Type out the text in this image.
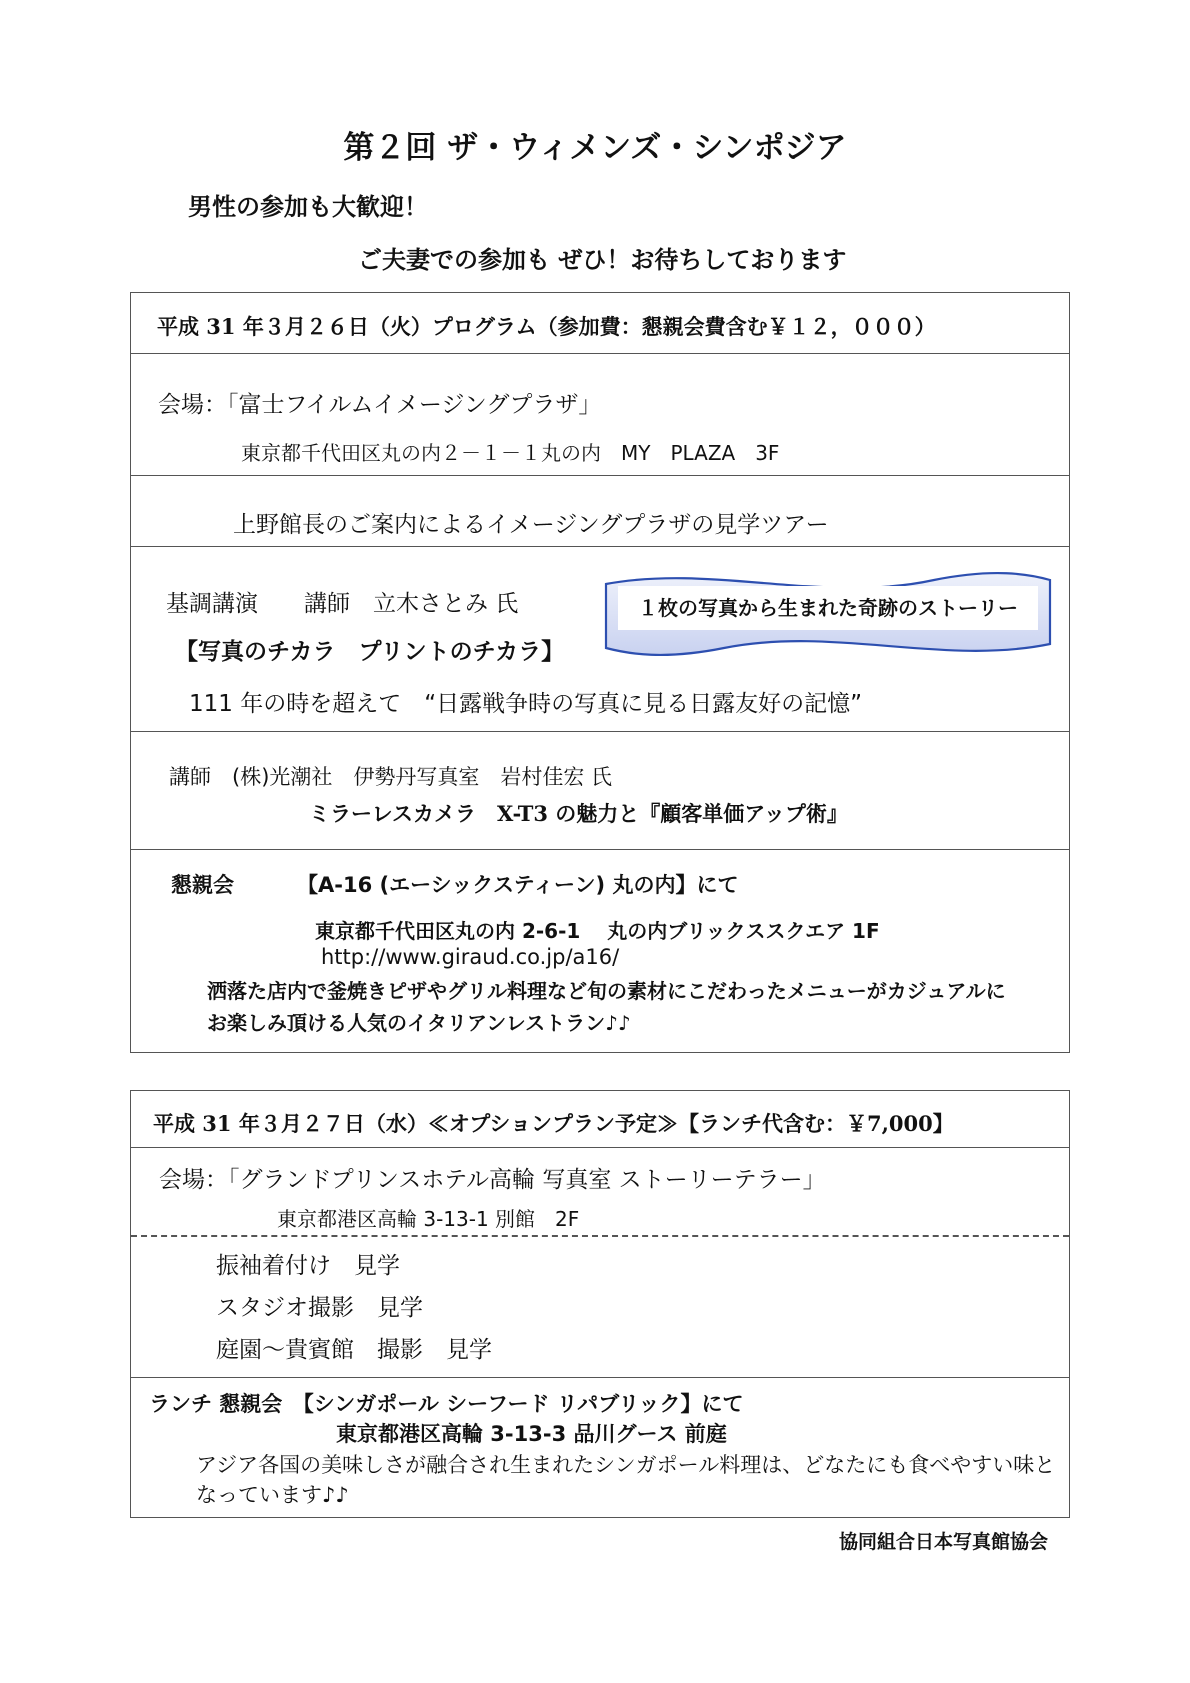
第２回 ザ・ウィメンズ・シンポジア
男性の参加も大歓迎！
ご夫妻での参加も ぜひ！お待ちしております
平成 31 年３月２６日（火）プログラム（参加費：懇親会費含む￥１２，０００）
会場：「富士フイルムイメージングプラザ」
東京都千代田区丸の内２－１－１丸の内　MY　PLAZA　3F
上野館長のご案内によるイメージングプラザの見学ツアー
基調講演　　講師　立木さとみ 氏
【写真のチカラ　プリントのチカラ】
111 年の時を超えて　“日露戦争時の写真に見る日露友好の記憶”
講師　(株)光潮社　伊勢丹写真室　岩村佳宏 氏
ミラーレスカメラ　X-T3 の魅力と『顧客単価アップ術』
懇親会	【A-16 (エーシックスティーン) 丸の内】にて
東京都千代田区丸の内 2-6-1　 丸の内ブリックススクエア 1F
http://www.giraud.co.jp/a16/
洒落た店内で釜焼きピザやグリル料理など旬の素材にこだわったメニューがカジュアルに
お楽しみ頂ける人気のイタリアンレストラン♪♪
１枚の写真から生まれた奇跡のストーリー
平成 31 年３月２７日（水）≪オプションプラン予定≫【ランチ代含む：￥7,000】
会場：「グランドプリンスホテル高輪 写真室 ストーリーテラー」
東京都港区高輪 3-13-1 別館　2F
振袖着付け　見学
スタジオ撮影　見学
庭園～貴賓館　撮影　見学
ランチ 懇親会　【シンガポール シーフード リパブリック】にて
東京都港区高輪 3-13-3 品川グース 前庭
アジア各国の美味しさが融合され生まれたシンガポール料理は、どなたにも食べやすい味と
なっています♪♪
協同組合日本写真館協会
